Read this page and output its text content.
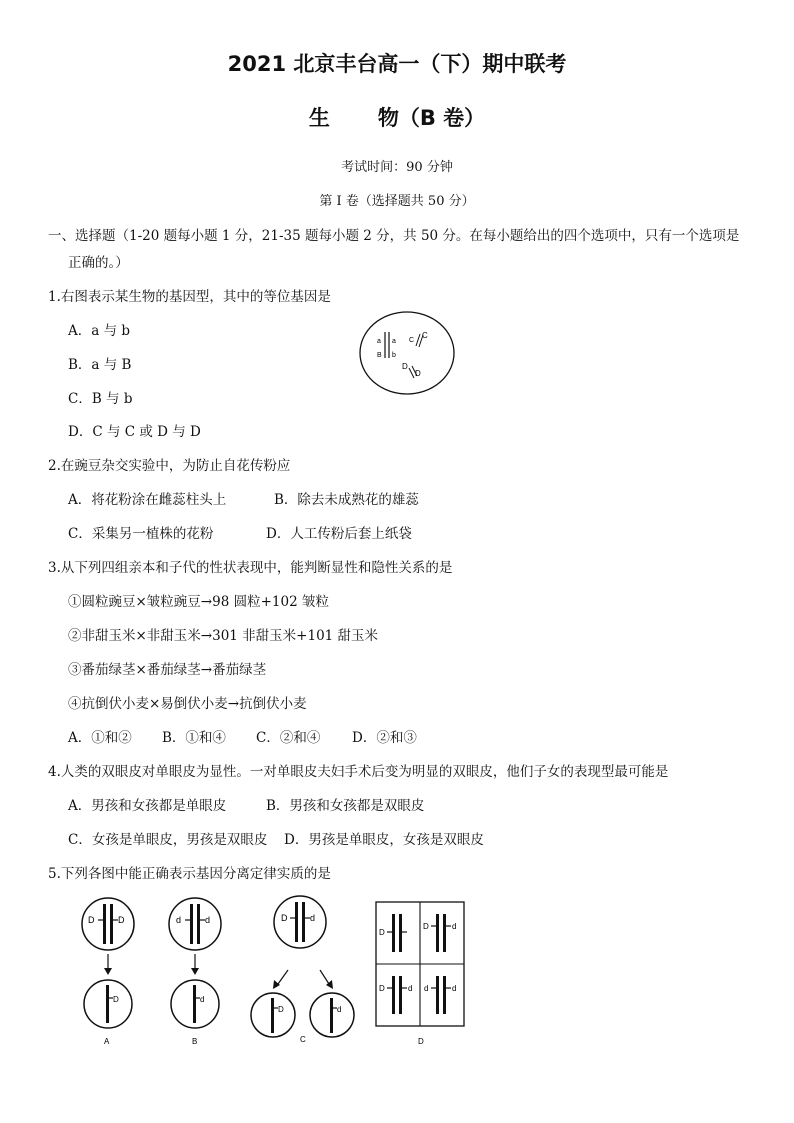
2021 北京丰台高一（下）期中联考
生 物（B 卷）
考试时间：90 分钟
第 I 卷（选择题共 50 分）
一、选择题（1-20 题每小题 1 分，21-35 题每小题 2 分，共 50 分。在每小题给出的四个选项中，只有一个选项是
正确的。）
1.右图表示某生物的基因型，其中的等位基因是
A．a 与 b
B．a 与 B
C．B 与 b
D．C 与 C 或 D 与 D
a a
B b
C
C
D
D
2.在豌豆杂交实验中，为防止自花传粉应
A．将花粉涂在雌蕊柱头上	B．除去未成熟花的雄蕊
C．采集另一植株的花粉	D．人工传粉后套上纸袋
3.从下列四组亲本和子代的性状表现中，能判断显性和隐性关系的是
①圆粒豌豆×皱粒豌豆→98 圆粒+102 皱粒
②非甜玉米×非甜玉米→301 非甜玉米+101 甜玉米
③番茄绿茎×番茄绿茎→番茄绿茎
④抗倒伏小麦×易倒伏小麦→抗倒伏小麦
A．①和② B．①和④ C．②和④ D．②和③
4.人类的双眼皮对单眼皮为显性。一对单眼皮夫妇手术后变为明显的双眼皮，他们子女的表现型最可能是
A．男孩和女孩都是单眼皮	B．男孩和女孩都是双眼皮
C．女孩是单眼皮，男孩是双眼皮 D．男孩是单眼皮，女孩是双眼皮
5.下列各图中能正确表示基因分离定律实质的是
D	D
D
A
d	d
d
B
D	d
D	d
C
D
D	d
D	d d	d
D
